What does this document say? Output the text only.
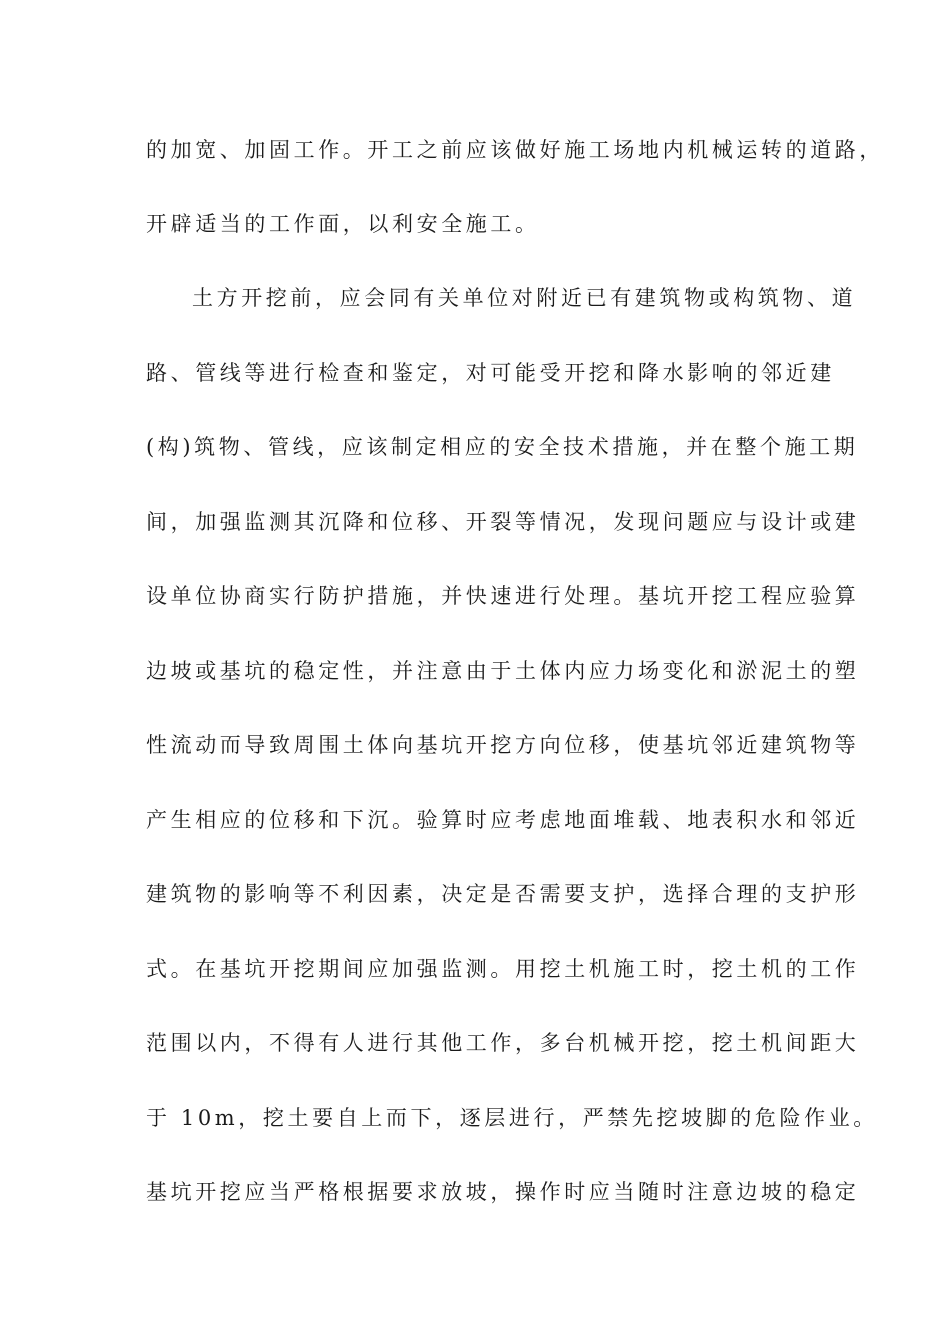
的加宽、加固工作。开工之前应该做好施工场地内机械运转的道路，
开辟适当的工作面，以利安全施工。
土方开挖前，应会同有关单位对附近已有建筑物或构筑物、道
路、管线等进行检查和鉴定，对可能受开挖和降水影响的邻近建
(构)筑物、管线，应该制定相应的安全技术措施，并在整个施工期
间，加强监测其沉降和位移、开裂等情况，发现问题应与设计或建
设单位协商实行防护措施，并快速进行处理。基坑开挖工程应验算
边坡或基坑的稳定性，并注意由于土体内应力场变化和淤泥土的塑
性流动而导致周围土体向基坑开挖方向位移，使基坑邻近建筑物等
产生相应的位移和下沉。验算时应考虑地面堆载、地表积水和邻近
建筑物的影响等不利因素，决定是否需要支护，选择合理的支护形
式。在基坑开挖期间应加强监测。用挖土机施工时，挖土机的工作
范围以内，不得有人进行其他工作，多台机械开挖，挖土机间距大
于 10m，挖土要自上而下，逐层进行，严禁先挖坡脚的危险作业。
基坑开挖应当严格根据要求放坡，操作时应当随时注意边坡的稳定
